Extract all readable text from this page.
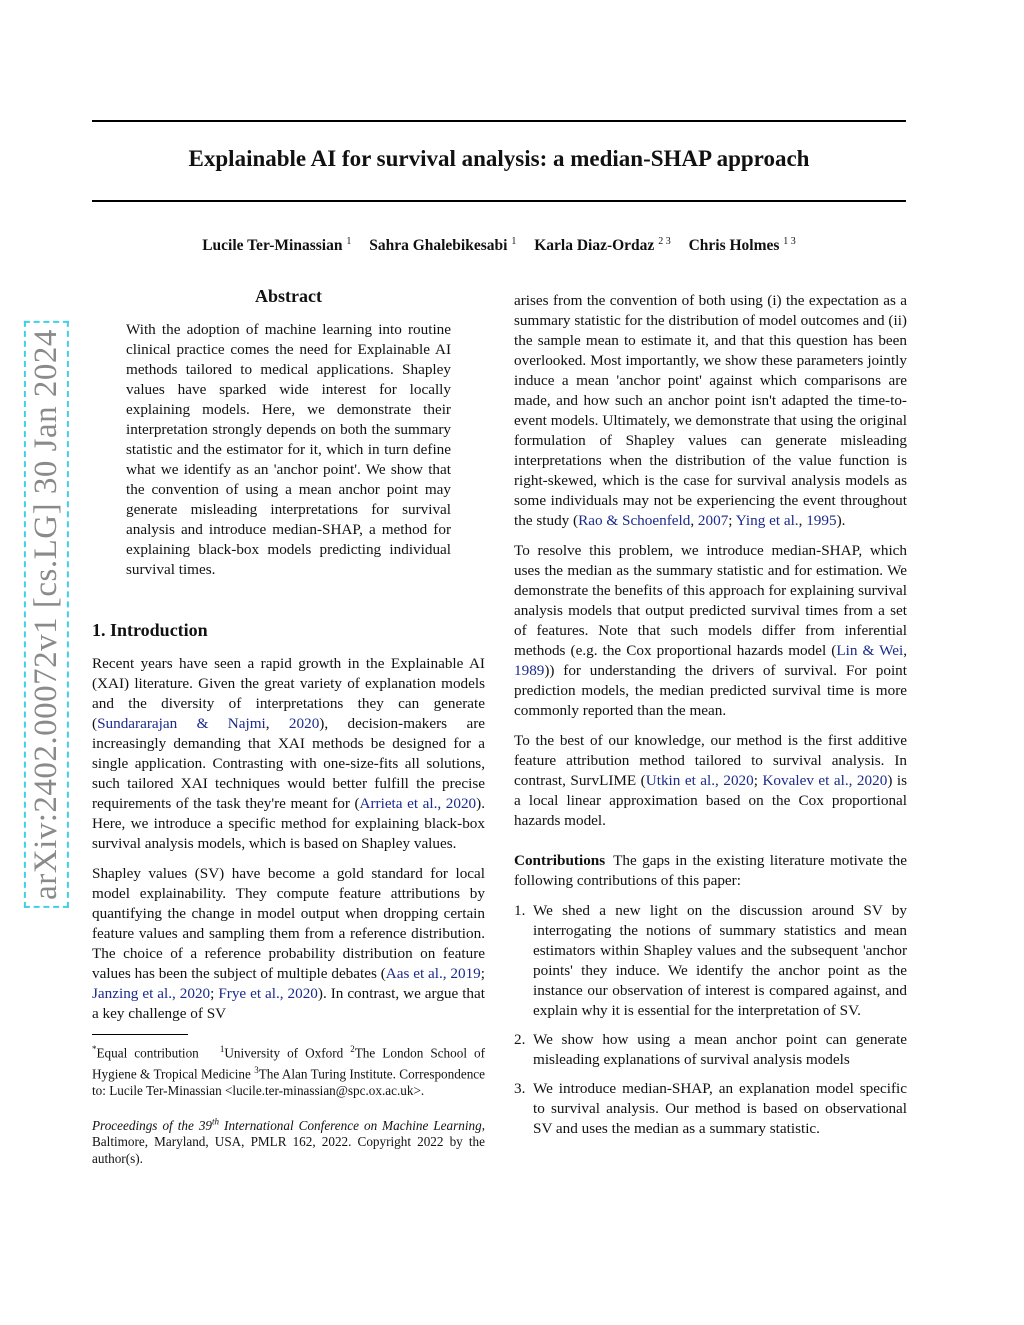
Explainable AI for survival analysis: a median-SHAP approach
Lucile Ter-Minassian $^1$ Sahra Ghalebikesabi $^1$ Karla Diaz-Ordaz $^{2 3}$ Chris Holmes $^{1 3}$
arXiv:2402.00072v1 [cs.LG] 30 Jan 2024
Abstract

With the adoption of machine learning into routine clinical practice comes the need for Explainable AI methods tailored to medical applications. Shapley values have sparked wide interest for locally explaining models. Here, we demonstrate their interpretation strongly depends on both the summary statistic and the estimator for it, which in turn define what we identify as an 'anchor point'. We show that the convention of using a mean anchor point may generate misleading interpretations for survival analysis and introduce median-SHAP, a method for explaining black-box models predicting individual survival times.

1. Introduction

Recent years have seen a rapid growth in the Explainable AI (XAI) literature. Given the great variety of explanation models and the diversity of interpretations they can generate (Sundararajan & Najmi, 2020), decision-makers are increasingly demanding that XAI methods be designed for a single application. Contrasting with one-size-fits all solutions, such tailored XAI techniques would better fulfill the precise requirements of the task they're meant for (Arrieta et al., 2020). Here, we introduce a specific method for explaining black-box survival analysis models, which is based on Shapley values.

Shapley values (SV) have become a gold standard for local model explainability. They compute feature attributions by quantifying the change in model output when dropping certain feature values and sampling them from a reference distribution. The choice of a reference probability distribution on feature values has been the subject of multiple debates (Aas et al., 2019; Janzing et al., 2020; Frye et al., 2020). In contrast, we argue that a key challenge of SV

*Equal contribution $^1$University of Oxford $^2$The London School of Hygiene & Tropical Medicine $^3$The Alan Turing Institute. Correspondence to: Lucile Ter-Minassian <lucile.ter-minassian@spc.ox.ac.uk>.
Proceedings of the 39th International Conference on Machine Learning, Baltimore, Maryland, USA, PMLR 162, 2022. Copyright 2022 by the author(s).

arises from the convention of both using (i) the expectation as a summary statistic for the distribution of model outcomes and (ii) the sample mean to estimate it, and that this question has been overlooked. Most importantly, we show these parameters jointly induce a mean 'anchor point' against which comparisons are made, and how such an anchor point isn't adapted the time-to-event models. Ultimately, we demonstrate that using the original formulation of Shapley values can generate misleading interpretations when the distribution of the value function is right-skewed, which is the case for survival analysis models as some individuals may not be experiencing the event throughout the study (Rao & Schoenfeld, 2007; Ying et al., 1995).

To resolve this problem, we introduce median-SHAP, which uses the median as the summary statistic and for estimation. We demonstrate the benefits of this approach for explaining survival analysis models that output predicted survival times from a set of features. Note that such models differ from inferential methods (e.g. the Cox proportional hazards model (Lin & Wei, 1989)) for understanding the drivers of survival. For point prediction models, the median predicted survival time is more commonly reported than the mean.

To the best of our knowledge, our method is the first additive feature attribution method tailored to survival analysis. In contrast, SurvLIME (Utkin et al., 2020; Kovalev et al., 2020) is a local linear approximation based on the Cox proportional hazards model.

Contributions The gaps in the existing literature motivate the following contributions of this paper:

1. We shed a new light on the discussion around SV by interrogating the notions of summary statistics and mean estimators within Shapley values and the subsequent 'anchor points' they induce. We identify the anchor point as the instance our observation of interest is compared against, and explain why it is essential for the interpretation of SV.
2. We show how using a mean anchor point can generate misleading explanations of survival analysis models
3. We introduce median-SHAP, an explanation model specific to survival analysis. Our method is based on observational SV and uses the median as a summary statistic.
